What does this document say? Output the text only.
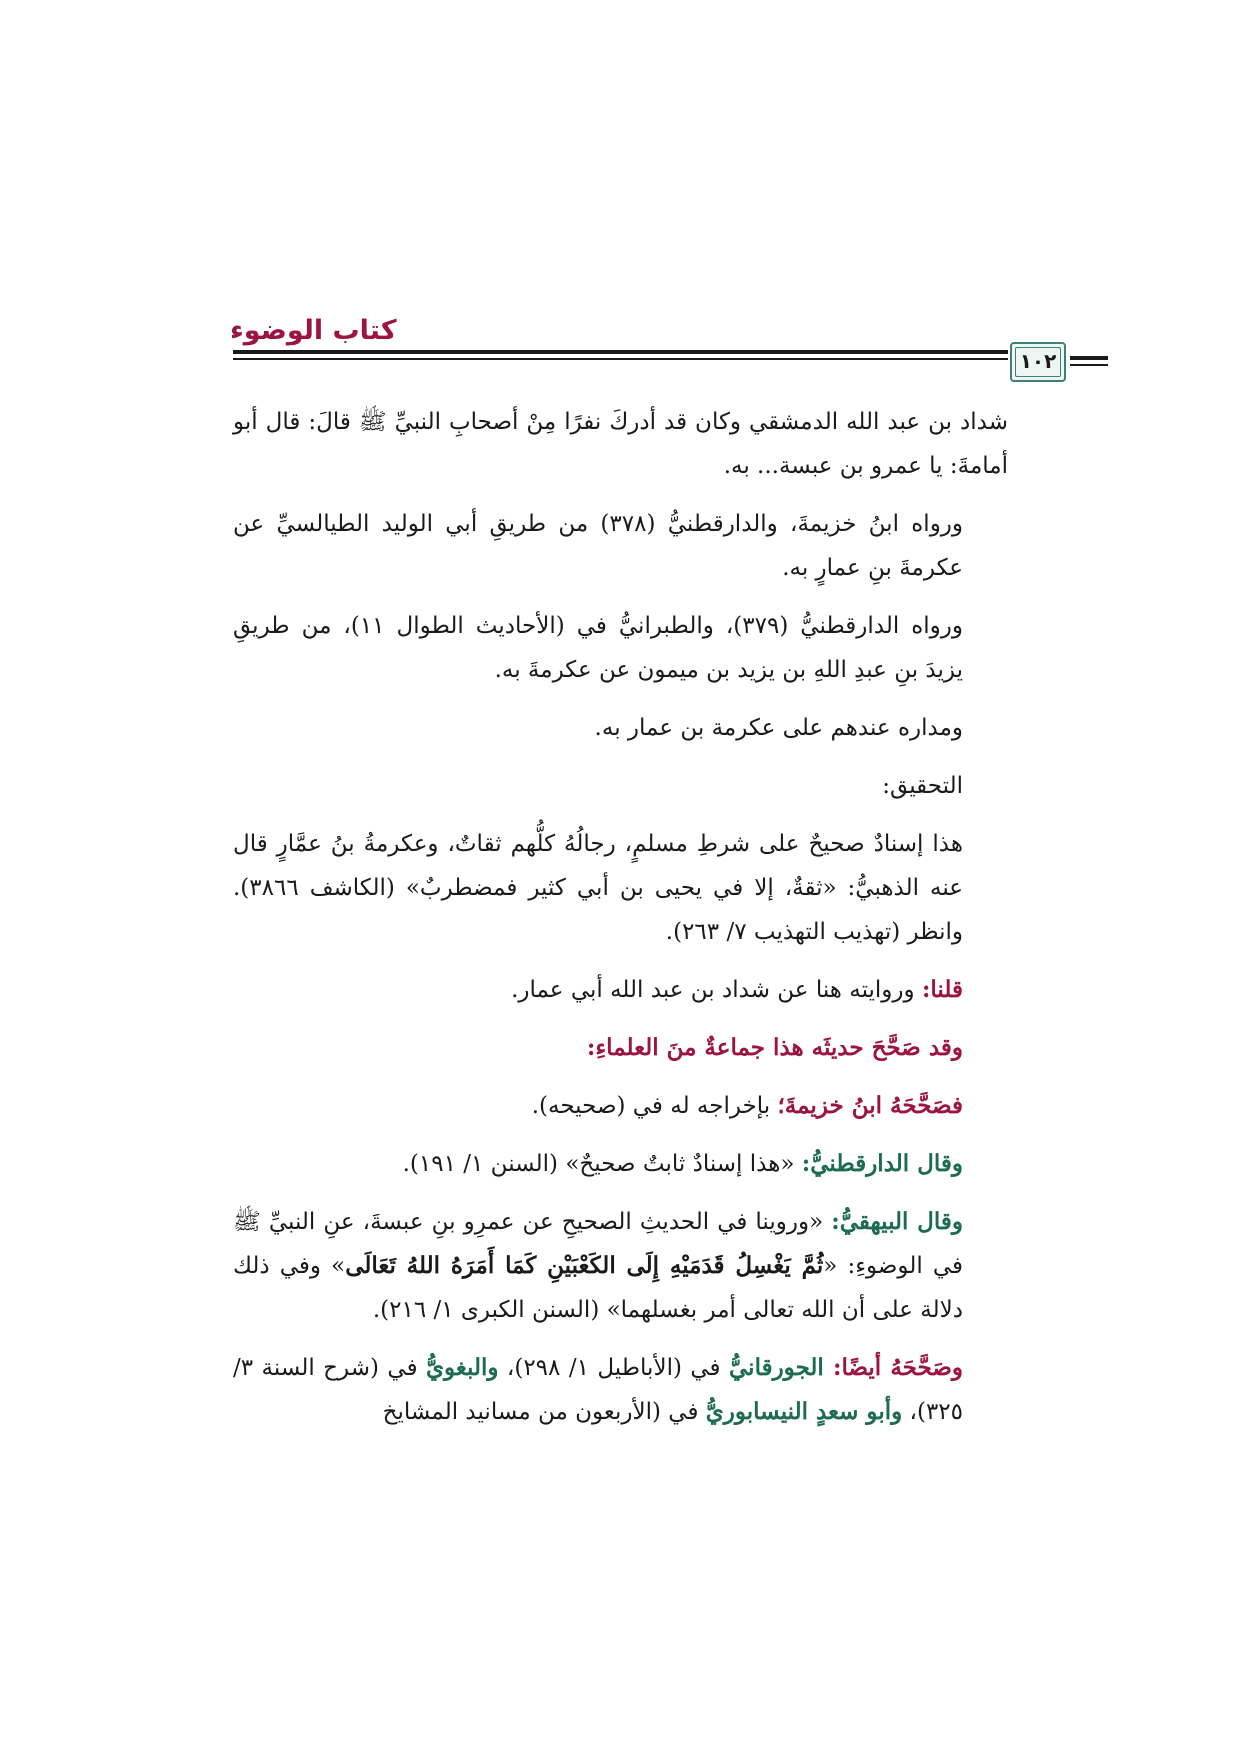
كتاب الوضوء
١٠٢

شداد بن عبد الله الدمشقي وكان قد أدركَ نفرًا مِنْ أصحابِ النبيِّ ﷺ قالَ: قال أبو أمامةَ: يا عمرو بن عبسة... به.

ورواه ابنُ خزيمةَ، والدارقطنيُّ (٣٧٨) من طريقِ أبي الوليد الطيالسيِّ عن عكرمةَ بنِ عمارٍ به.

ورواه الدارقطنيُّ (٣٧٩)، والطبرانيُّ في (الأحاديث الطوال ١١)، من طريقِ يزيدَ بنِ عبدِ اللهِ بن يزيد بن ميمون عن عكرمةَ به.

ومداره عندهم على عكرمة بن عمار به.

التحقيق:

هذا إسنادٌ صحيحٌ على شرطِ مسلمٍ، رجالُهُ كلُّهم ثقاتٌ، وعكرمةُ بنُ عمَّارٍ قال عنه الذهبيُّ: «ثقةٌ، إلا في يحيى بن أبي كثير فمضطربٌ» (الكاشف ٣٨٦٦). وانظر (تهذيب التهذيب ٧/ ٢٦٣).

قلنا: وروايته هنا عن شداد بن عبد الله أبي عمار.

وقد صَحَّحَ حديثَه هذا جماعةٌ منَ العلماءِ:

فصَحَّحَهُ ابنُ خزيمةَ؛ بإخراجه له في (صحيحه).

وقال الدارقطنيُّ: «هذا إسنادٌ ثابتٌ صحيحٌ» (السنن ١/ ١٩١).

وقال البيهقيُّ: «وروينا في الحديثِ الصحيحِ عن عمرِو بنِ عبسةَ، عنِ النبيِّ ﷺ في الوضوءِ: «ثُمَّ يَغْسِلُ قَدَمَيْهِ إِلَى الكَعْبَيْنِ كَمَا أَمَرَهُ اللهُ تَعَالَى» وفي ذلك دلالة على أن الله تعالى أمر بغسلهما» (السنن الكبرى ١/ ٢١٦).

وصَحَّحَهُ أيضًا: الجورقانيُّ في (الأباطيل ١/ ٢٩٨)، والبغويُّ في (شرح السنة ٣/ ٣٢٥)، وأبو سعدٍ النيسابوريُّ في (الأربعون من مسانيد المشايخ
